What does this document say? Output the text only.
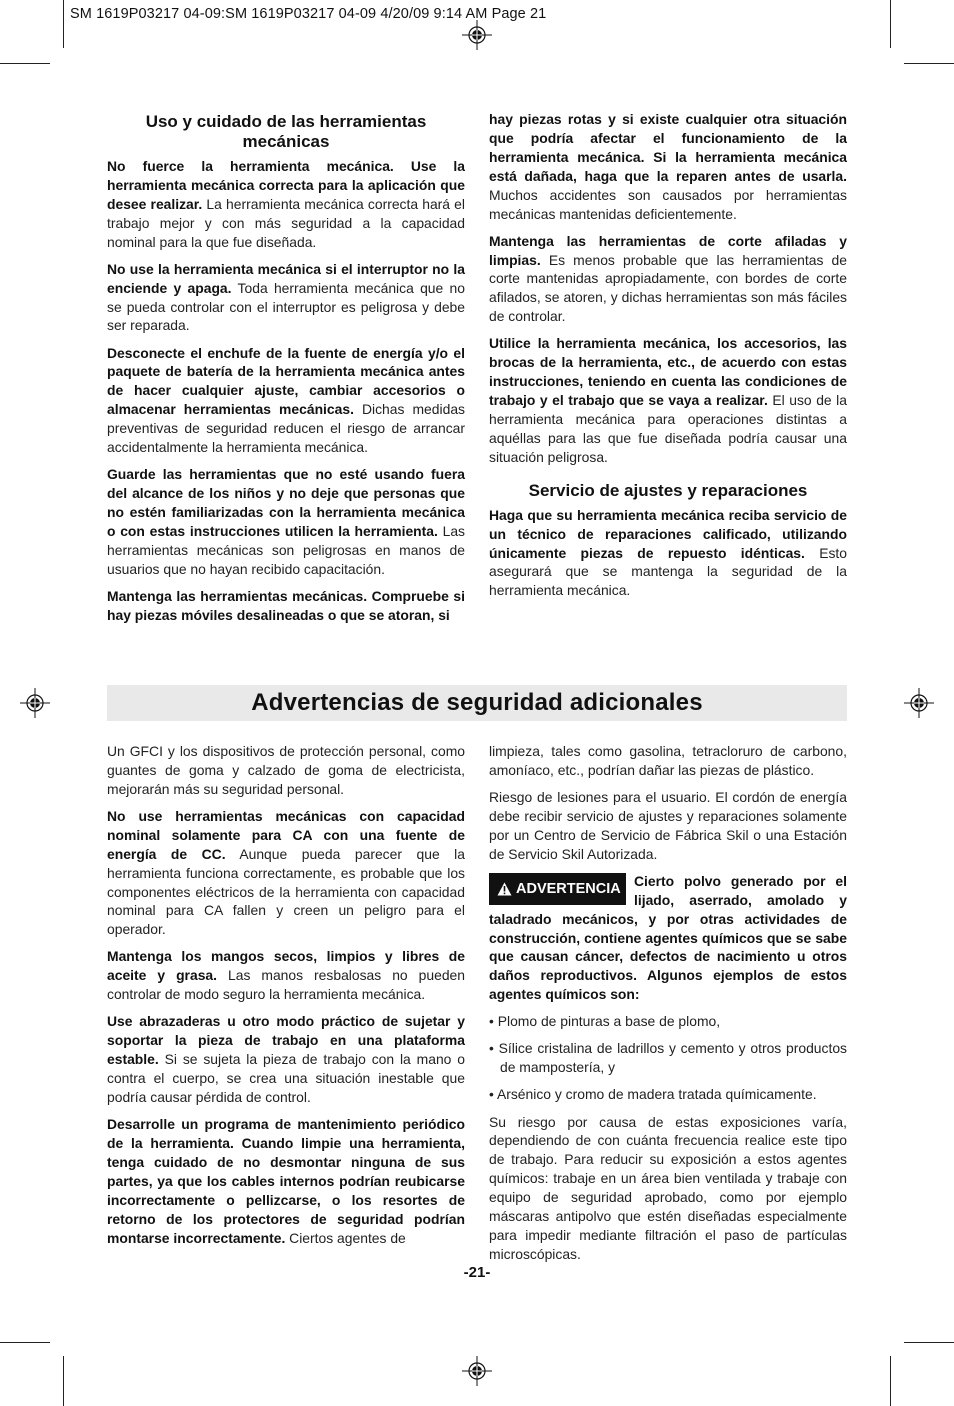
SM 1619P03217 04-09:SM 1619P03217 04-09 4/20/09 9:14 AM Page 21
Uso y cuidado de las herramientas mecánicas

No fuerce la herramienta mecánica. Use la herramienta mecánica correcta para la aplicación que desee realizar. La herramienta mecánica correcta hará el trabajo mejor y con más seguridad a la capacidad nominal para la que fue diseñada.

No use la herramienta mecánica si el interruptor no la enciende y apaga. Toda herramienta mecánica que no se pueda controlar con el interruptor es peligrosa y debe ser reparada.

Desconecte el enchufe de la fuente de energía y/o el paquete de batería de la herramienta mecánica antes de hacer cualquier ajuste, cambiar accesorios o almacenar herramientas mecánicas. Dichas medidas preventivas de seguridad reducen el riesgo de arrancar accidentalmente la herramienta mecánica.

Guarde las herramientas que no esté usando fuera del alcance de los niños y no deje que personas que no estén familiarizadas con la herramienta mecánica o con estas instrucciones utilicen la herramienta. Las herramientas mecánicas son peligrosas en manos de usuarios que no hayan recibido capacitación.

Mantenga las herramientas mecánicas. Compruebe si hay piezas móviles desalineadas o que se atoran, si

hay piezas rotas y si existe cualquier otra situación que podría afectar el funcionamiento de la herramienta mecánica. Si la herramienta mecánica está dañada, haga que la reparen antes de usarla. Muchos accidentes son causados por herramientas mecánicas mantenidas deficientemente.

Mantenga las herramientas de corte afiladas y limpias. Es menos probable que las herramientas de corte mantenidas apropiadamente, con bordes de corte afilados, se atoren, y dichas herramientas son más fáciles de controlar.

Utilice la herramienta mecánica, los accesorios, las brocas de la herramienta, etc., de acuerdo con estas instrucciones, teniendo en cuenta las condiciones de trabajo y el trabajo que se vaya a realizar. El uso de la herramienta mecánica para operaciones distintas a aquéllas para las que fue diseñada podría causar una situación peligrosa.

Servicio de ajustes y reparaciones

Haga que su herramienta mecánica reciba servicio de un técnico de reparaciones calificado, utilizando únicamente piezas de repuesto idénticas. Esto asegurará que se mantenga la seguridad de la herramienta mecánica.

Advertencias de seguridad adicionales

Un GFCI y los dispositivos de protección personal, como guantes de goma y calzado de goma de electricista, mejorarán más su seguridad personal.

No use herramientas mecánicas con capacidad nominal solamente para CA con una fuente de energía de CC. Aunque pueda parecer que la herramienta funciona correctamente, es probable que los componentes eléctricos de la herramienta con capacidad nominal para CA fallen y creen un peligro para el operador.

Mantenga los mangos secos, limpios y libres de aceite y grasa. Las manos resbalosas no pueden controlar de modo seguro la herramienta mecánica.

Use abrazaderas u otro modo práctico de sujetar y soportar la pieza de trabajo en una plataforma estable. Si se sujeta la pieza de trabajo con la mano o contra el cuerpo, se crea una situación inestable que podría causar pérdida de control.

Desarrolle un programa de mantenimiento periódico de la herramienta. Cuando limpie una herramienta, tenga cuidado de no desmontar ninguna de sus partes, ya que los cables internos podrían reubicarse incorrectamente o pellizcarse, o los resortes de retorno de los protectores de seguridad podrían montarse incorrectamente. Ciertos agentes de

limpieza, tales como gasolina, tetracloruro de carbono, amoníaco, etc., podrían dañar las piezas de plástico.

Riesgo de lesiones para el usuario. El cordón de energía debe recibir servicio de ajustes y reparaciones solamente por un Centro de Servicio de Fábrica Skil o una Estación de Servicio Skil Autorizada.

ADVERTENCIA Cierto polvo generado por el lijado, aserrado, amolado y taladrado mecánicos, y por otras actividades de construcción, contiene agentes químicos que se sabe que causan cáncer, defectos de nacimiento u otros daños reproductivos. Algunos ejemplos de estos agentes químicos son:

• Plomo de pinturas a base de plomo,

• Sílice cristalina de ladrillos y cemento y otros productos de mampostería, y

• Arsénico y cromo de madera tratada químicamente.

Su riesgo por causa de estas exposiciones varía, dependiendo de con cuánta frecuencia realice este tipo de trabajo. Para reducir su exposición a estos agentes químicos: trabaje en un área bien ventilada y trabaje con equipo de seguridad aprobado, como por ejemplo máscaras antipolvo que estén diseñadas especialmente para impedir mediante filtración el paso de partículas microscópicas.

-21-
